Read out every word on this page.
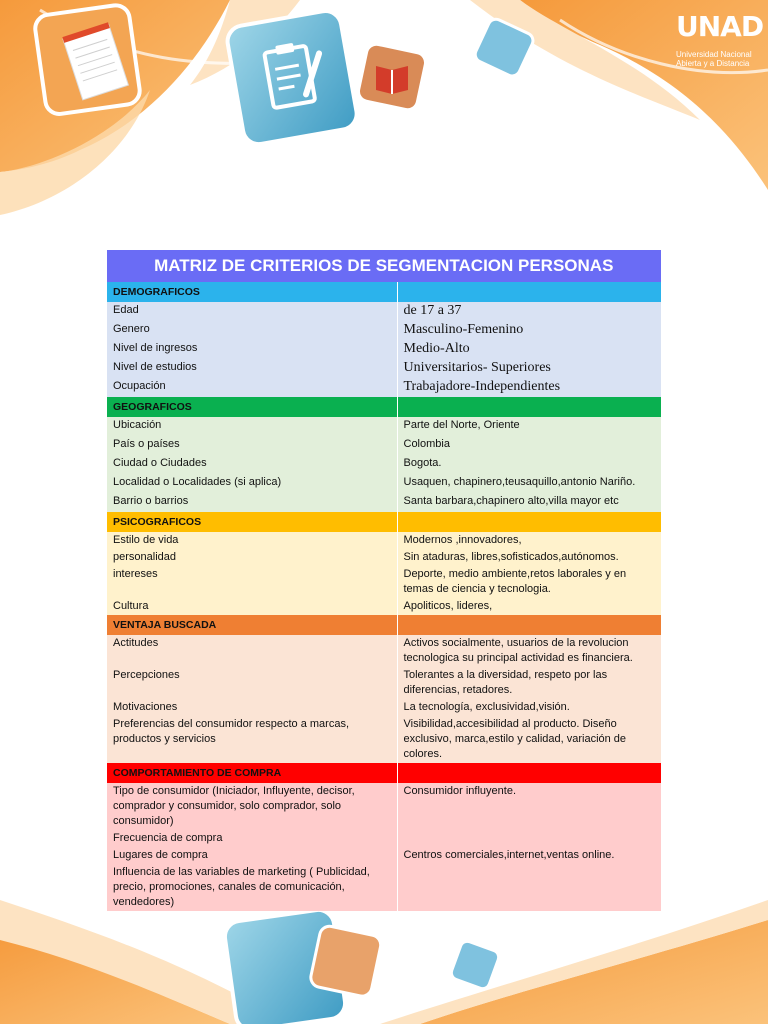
UNAD
Universidad Nacional
Abierta y a Distancia
MATRIZ DE CRITERIOS DE SEGMENTACION PERSONAS	
DEMOGRAFICOS	
Edad	de 17 a 37
Genero	Masculino-Femenino
Nivel de ingresos	Medio-Alto
Nivel de estudios	Universitarios- Superiores
Ocupación	Trabajadore-Independientes
GEOGRAFICOS	
Ubicación	Parte del Norte, Oriente
País o países	Colombia
Ciudad o Ciudades	Bogota.
Localidad o Localidades (si aplica)	Usaquen, chapinero,teusaquillo,antonio Nariño.
Barrio o barrios	Santa barbara,chapinero alto,villa mayor etc
PSICOGRAFICOS	
Estilo de vida	Modernos ,innovadores,
personalidad	Sin ataduras, libres,sofisticados,autónomos.
intereses	Deporte, medio ambiente,retos laborales y en temas de ciencia y tecnologia.
Cultura	Apoliticos, lideres,
VENTAJA BUSCADA	
Actitudes	Activos socialmente, usuarios de la revolucion tecnologica su principal actividad es financiera.
Percepciones	Tolerantes a la diversidad, respeto por las diferencias, retadores.
Motivaciones	La tecnología, exclusividad,visión.
Preferencias del consumidor respecto a marcas, productos y servicios	Visibilidad,accesibilidad al producto. Diseño exclusivo, marca,estilo y calidad, variación de colores.
COMPORTAMIENTO DE COMPRA	
Tipo de consumidor (Iniciador, Influyente, decisor, comprador y consumidor, solo comprador, solo consumidor)	Consumidor influyente.
Frecuencia de compra	
Lugares de compra	Centros comerciales,internet,ventas online.
Influencia de las variables de marketing ( Publicidad, precio, promociones, canales de comunicación, vendedores)	
